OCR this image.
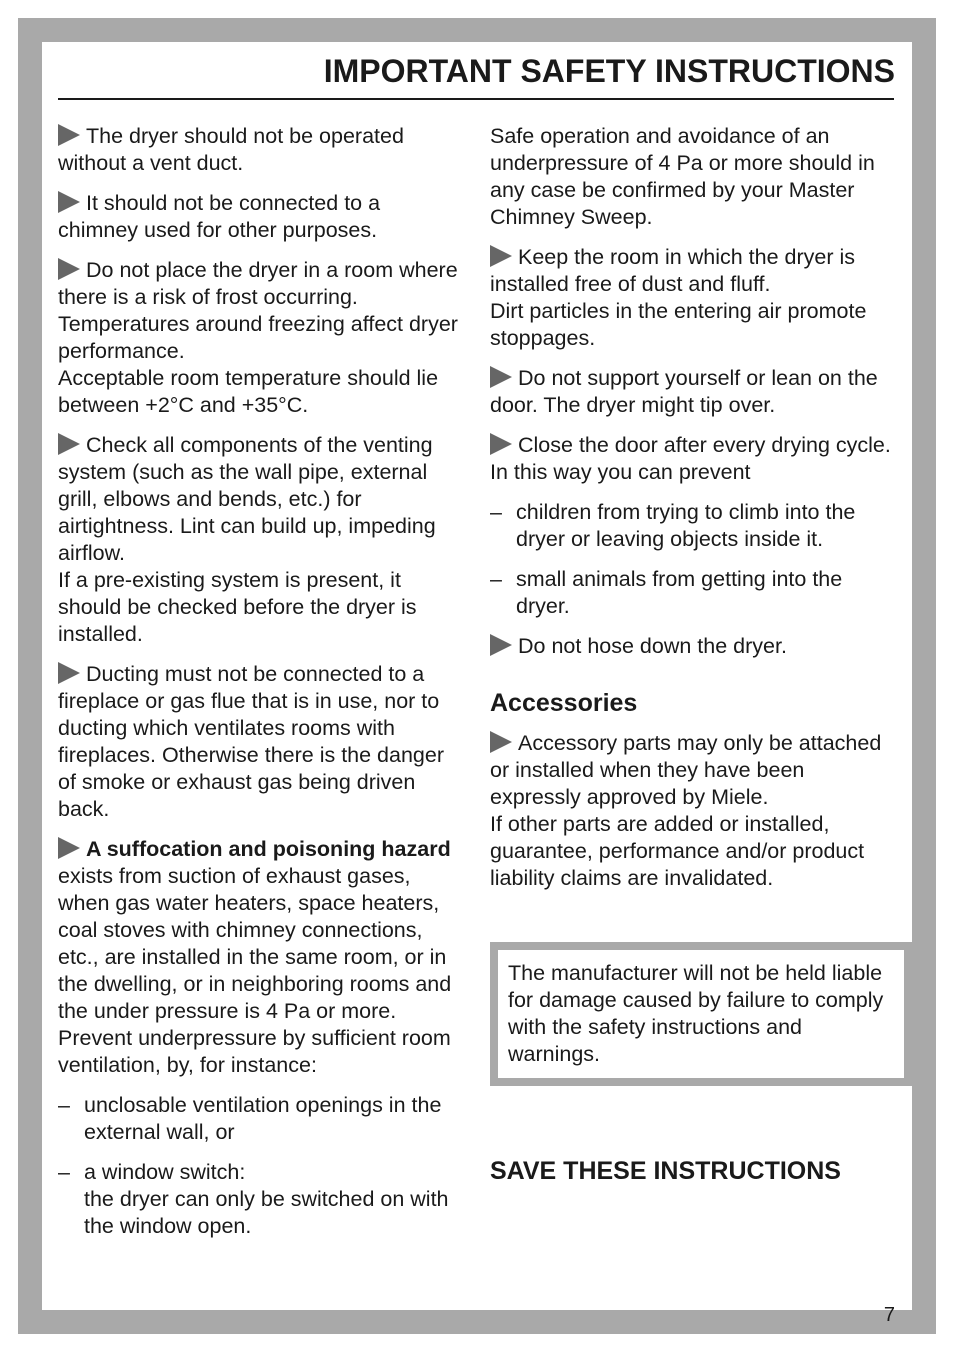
IMPORTANT SAFETY INSTRUCTIONS

The dryer should not be operated without a vent duct.

It should not be connected to a chimney used for other purposes.

Do not place the dryer in a room where there is a risk of frost occurring.
Temperatures around freezing affect dryer performance.
Acceptable room temperature should lie between +2°C and +35°C.

Check all components of the venting system (such as the wall pipe, external grill, elbows and bends, etc.) for airtightness. Lint can build up, impeding airflow.
If a pre-existing system is present, it should be checked before the dryer is installed.

Ducting must not be connected to a fireplace or gas flue that is in use, nor to ducting which ventilates rooms with fireplaces. Otherwise there is the danger of smoke or exhaust gas being driven back.

A suffocation and poisoning hazard exists from suction of exhaust gases, when gas water heaters, space heaters, coal stoves with chimney connections, etc., are installed in the same room, or in the dwelling, or in neighboring rooms and the under pressure is 4 Pa or more.
Prevent underpressure by sufficient room ventilation, by, for instance:

– unclosable ventilation openings in the external wall, or
– a window switch:
the dryer can only be switched on with the window open.

Safe operation and avoidance of an underpressure of 4 Pa or more should in any case be confirmed by your Master Chimney Sweep.

Keep the room in which the dryer is installed free of dust and fluff.
Dirt particles in the entering air promote stoppages.

Do not support yourself or lean on the door. The dryer might tip over.

Close the door after every drying cycle. In this way you can prevent

– children from trying to climb into the dryer or leaving objects inside it.
– small animals from getting into the dryer.

Do not hose down the dryer.

Accessories

Accessory parts may only be attached or installed when they have been expressly approved by Miele.
If other parts are added or installed, guarantee, performance and/or product liability claims are invalidated.

The manufacturer will not be held liable for damage caused by failure to comply with the safety instructions and warnings.
SAVE THESE INSTRUCTIONS
7
